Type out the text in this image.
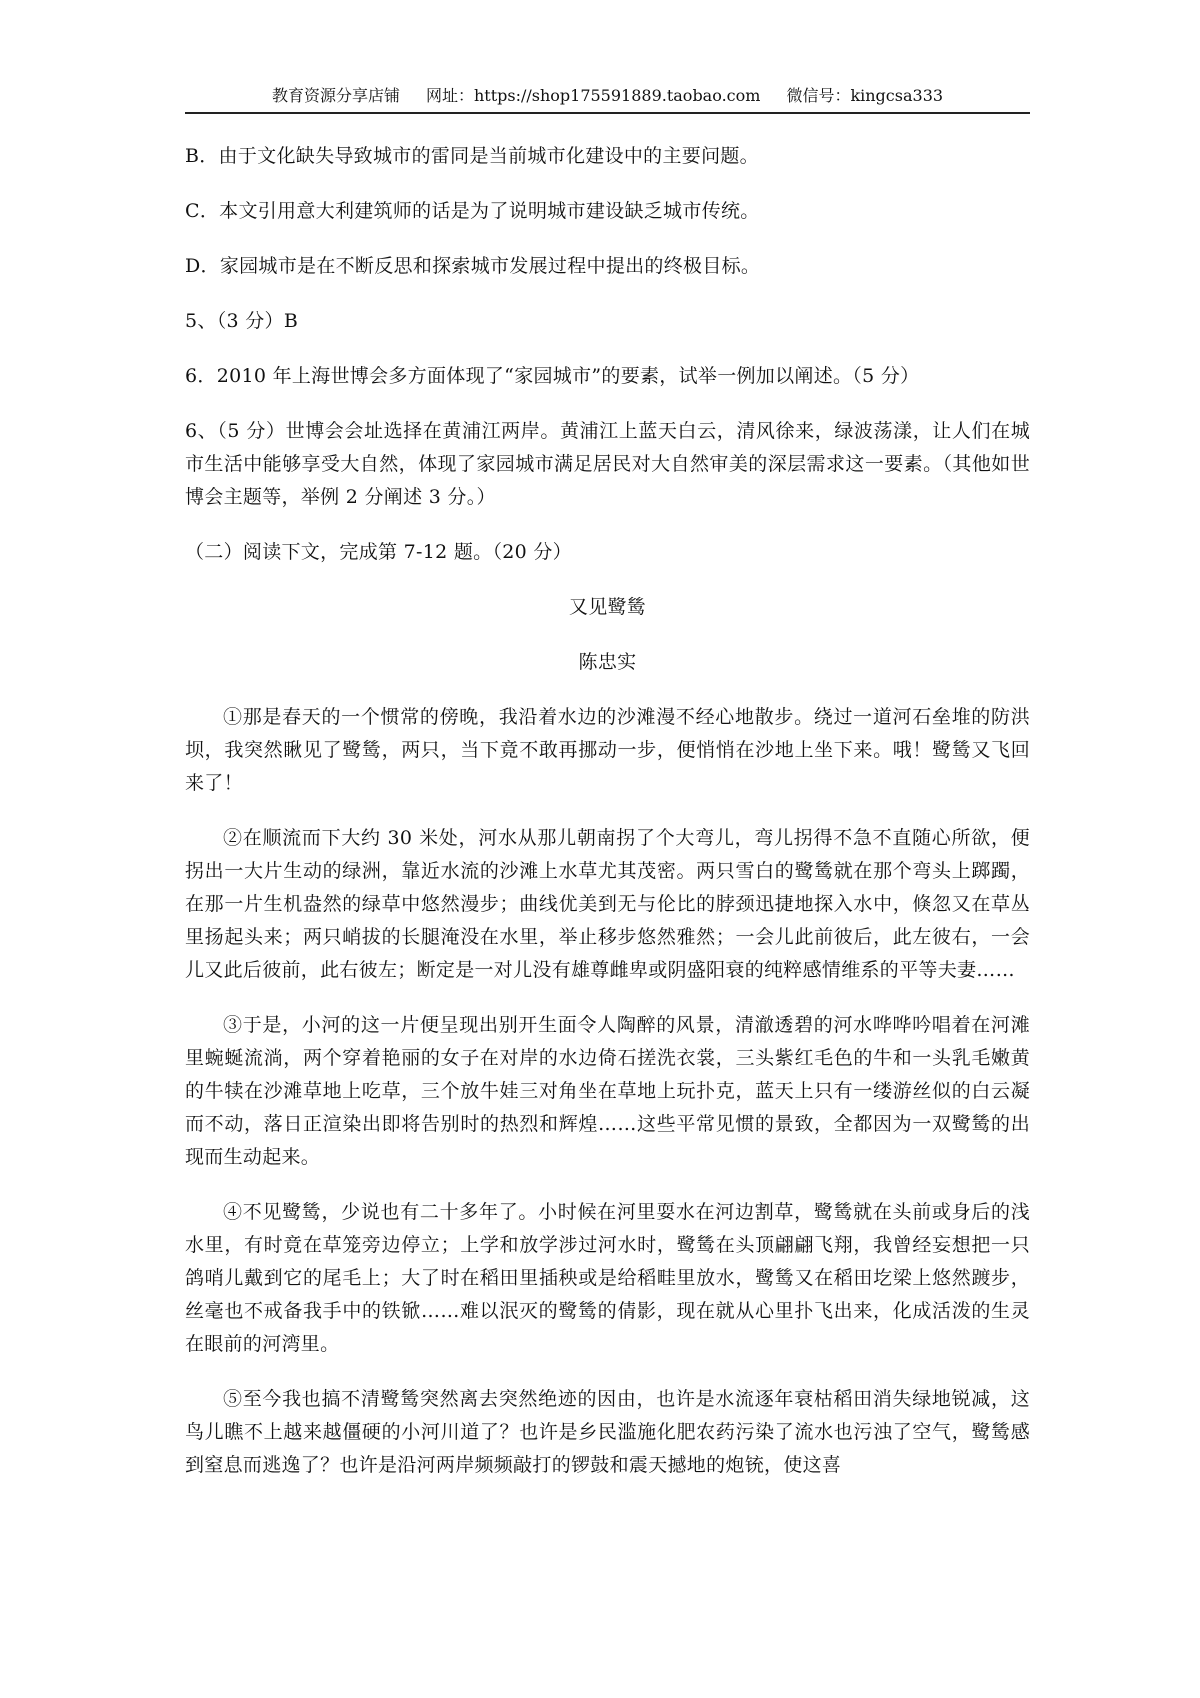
教育资源分享店铺 网址：https://shop175591889.taobao.com 微信号：kingcsa333

B．由于文化缺失导致城市的雷同是当前城市化建设中的主要问题。

C．本文引用意大利建筑师的话是为了说明城市建设缺乏城市传统。

D．家园城市是在不断反思和探索城市发展过程中提出的终极目标。

5、（3 分）B

6．2010 年上海世博会多方面体现了“家园城市”的要素，试举一例加以阐述。（5 分）

6、（5 分）世博会会址选择在黄浦江两岸。黄浦江上蓝天白云，清风徐来，绿波荡漾，让人们在城市生活中能够享受大自然，体现了家园城市满足居民对大自然审美的深层需求这一要素。（其他如世博会主题等，举例 2 分阐述 3 分。）

（二）阅读下文，完成第 7-12 题。（20 分）

又见鹭鸶

陈忠实

①那是春天的一个惯常的傍晚，我沿着水边的沙滩漫不经心地散步。绕过一道河石垒堆的防洪坝，我突然瞅见了鹭鸶，两只，当下竟不敢再挪动一步，便悄悄在沙地上坐下来。哦！鹭鸶又飞回来了！

②在顺流而下大约 30 米处，河水从那儿朝南拐了个大弯儿，弯儿拐得不急不直随心所欲，便拐出一大片生动的绿洲，靠近水流的沙滩上水草尤其茂密。两只雪白的鹭鸶就在那个弯头上踯躅，在那一片生机盎然的绿草中悠然漫步；曲线优美到无与伦比的脖颈迅捷地探入水中，倏忽又在草丛里扬起头来；两只峭拔的长腿淹没在水里，举止移步悠然雅然；一会儿此前彼后，此左彼右，一会儿又此后彼前，此右彼左；断定是一对儿没有雄尊雌卑或阴盛阳衰的纯粹感情维系的平等夫妻……

③于是，小河的这一片便呈现出别开生面令人陶醉的风景，清澈透碧的河水哗哗吟唱着在河滩里蜿蜒流淌，两个穿着艳丽的女子在对岸的水边倚石搓洗衣裳，三头紫红毛色的牛和一头乳毛嫩黄的牛犊在沙滩草地上吃草，三个放牛娃三对角坐在草地上玩扑克，蓝天上只有一缕游丝似的白云凝而不动，落日正渲染出即将告别时的热烈和辉煌……这些平常见惯的景致，全都因为一双鹭鸶的出现而生动起来。

④不见鹭鸶，少说也有二十多年了。小时候在河里耍水在河边割草，鹭鸶就在头前或身后的浅水里，有时竟在草笼旁边停立；上学和放学涉过河水时，鹭鸶在头顶翩翩飞翔，我曾经妄想把一只鸽哨儿戴到它的尾毛上；大了时在稻田里插秧或是给稻畦里放水，鹭鸶又在稻田圪梁上悠然踱步，丝毫也不戒备我手中的铁锨……难以泯灭的鹭鸶的倩影，现在就从心里扑飞出来，化成活泼的生灵在眼前的河湾里。

⑤至今我也搞不清鹭鸶突然离去突然绝迹的因由，也许是水流逐年衰枯稻田消失绿地锐减，这鸟儿瞧不上越来越僵硬的小河川道了？也许是乡民滥施化肥农药污染了流水也污浊了空气，鹭鸶感到窒息而逃逸了？也许是沿河两岸频频敲打的锣鼓和震天撼地的炮铳，使这喜
